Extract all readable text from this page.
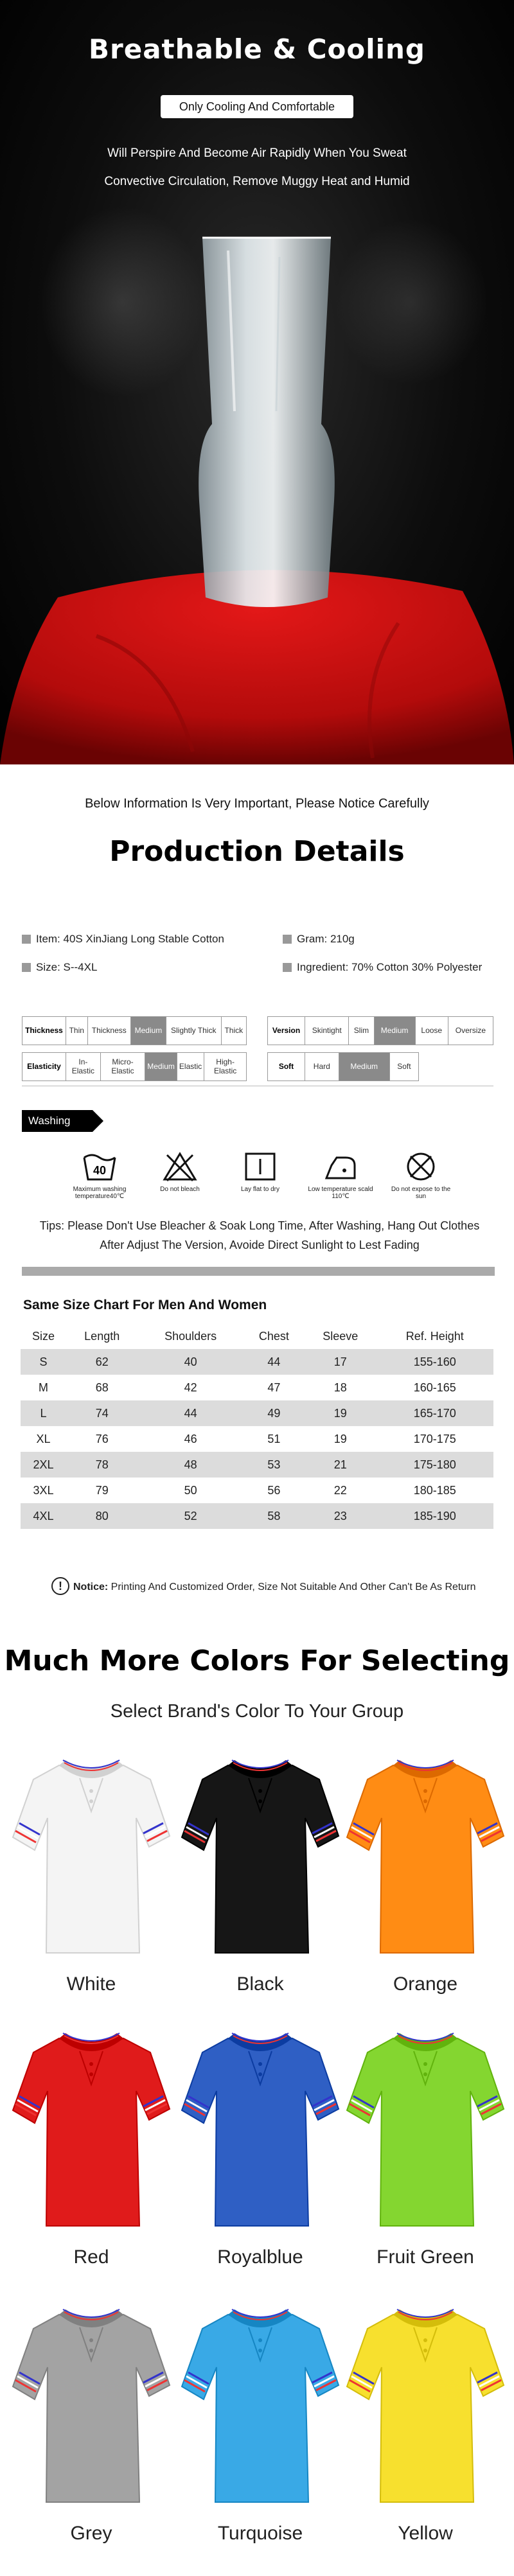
Breathable & Cooling
Only Cooling And Comfortable
Will Perspire And Become Air Rapidly When You Sweat
Convective Circulation, Remove Muggy Heat and Humid
Below Information Is Very Important, Please Notice Carefully
Production Details
Item: 40S XinJiang Long Stable Cotton	Gram: 210g
Size: S--4XL	Ingredient: 70% Cotton 30% Polyester
Thickness	Thin	Thickness	Medium	Slightly Thick	Thick	Version	Skintight	Slim	Medium	Loose	Oversize
Elasticity	In-Elastic	Micro-Elastic	Medium	Elastic	High-Elastic	Soft	Hard	Medium	Soft
Washing
40
Maximum washing temperature40℃
Do not bleach	Lay flat to dry	Low temperature scald 110℃
Do not expose to the sun
Tips: Please Don't Use Bleacher & Soak Long Time, After Washing, Hang Out Clothes
After Adjust The Version, Avoide Direct Sunlight to Lest Fading
Same Size Chart For Men And Women
Size	Length	Shoulders	Chest	Sleeve	Ref. Height
S	62	40	44	17	155-160
M	68	42	47	18	160-165
L	74	44	49	19	165-170
XL	76	46	51	19	170-175
2XL	78	48	53	21	175-180
3XL	79	50	56	22	180-185
4XL	80	52	58	23	185-190
! Notice: Printing And Customized Order, Size Not Suitable And Other Can't Be As Return
Much More Colors For Selecting
Select Brand's Color To Your Group
White	Black	Orange
Red	Royalblue	Fruit Green
Grey	Turquoise	Yellow
